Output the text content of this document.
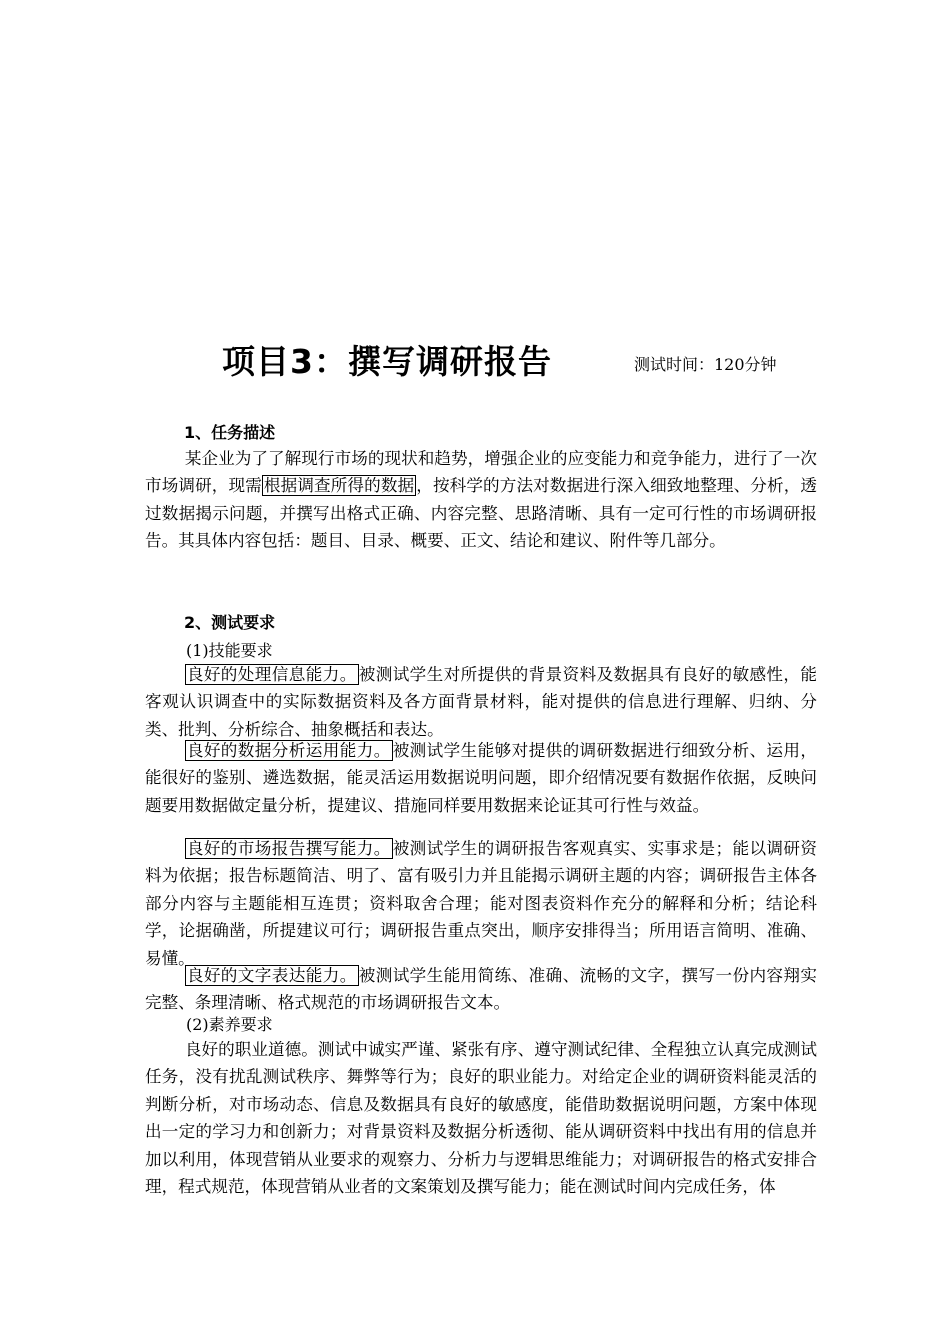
项目3：撰写调研报告	测试时间：120分钟
1、任务描述

某企业为了了解现行市场的现状和趋势，增强企业的应变能力和竞争能力，进行了一次市场调研，现需 根据调查所得的数据 ，按科学的方法对数据进行深入细致地整理、分析，透过数据揭示问题，并撰写出格式正确、内容完整、思路清晰、具有一定可行性的市场调研报告。其具体内容包括：题目、目录、概要、正文、结论和建议、附件等几部分。

2、测试要求
(1)技能要求

良好的处理信息能力。 被测试学生对所提供的背景资料及数据具有良好的敏感性，能客观认识调查中的实际数据资料及各方面背景材料，能对提供的信息进行理解、归纳、分类、批判、分析综合、抽象概括和表达。

良好的数据分析运用能力。 被测试学生能够对提供的调研数据进行细致分析、运用，能很好的鉴别、遴选数据，能灵活运用数据说明问题，即介绍情况要有数据作依据，反映问题要用数据做定量分析，提建议、措施同样要用数据来论证其可行性与效益。

良好的市场报告撰写能力。 被测试学生的调研报告客观真实、实事求是；能以调研资料为依据；报告标题简洁、明了、富有吸引力并且能揭示调研主题的内容；调研报告主体各部分内容与主题能相互连贯；资料取舍合理；能对图表资料作充分的解释和分析；结论科学，论据确凿，所提建议可行；调研报告重点突出，顺序安排得当；所用语言简明、准确、易懂。

良好的文字表达能力。 被测试学生能用简练、准确、流畅的文字，撰写一份内容翔实完整、条理清晰、格式规范的市场调研报告文本。

(2)素养要求

良好的职业道德。测试中诚实严谨、紧张有序、遵守测试纪律、全程独立认真完成测试任务，没有扰乱测试秩序、舞弊等行为；良好的职业能力。对给定企业的调研资料能灵活的判断分析，对市场动态、信息及数据具有良好的敏感度，能借助数据说明问题，方案中体现出一定的学习力和创新力；对背景资料及数据分析透彻、能从调研资料中找出有用的信息并加以利用，体现营销从业要求的观察力、分析力与逻辑思维能力；对调研报告的格式安排合理，程式规范，体现营销从业者的文案策划及撰写能力；能在测试时间内完成任务，体
